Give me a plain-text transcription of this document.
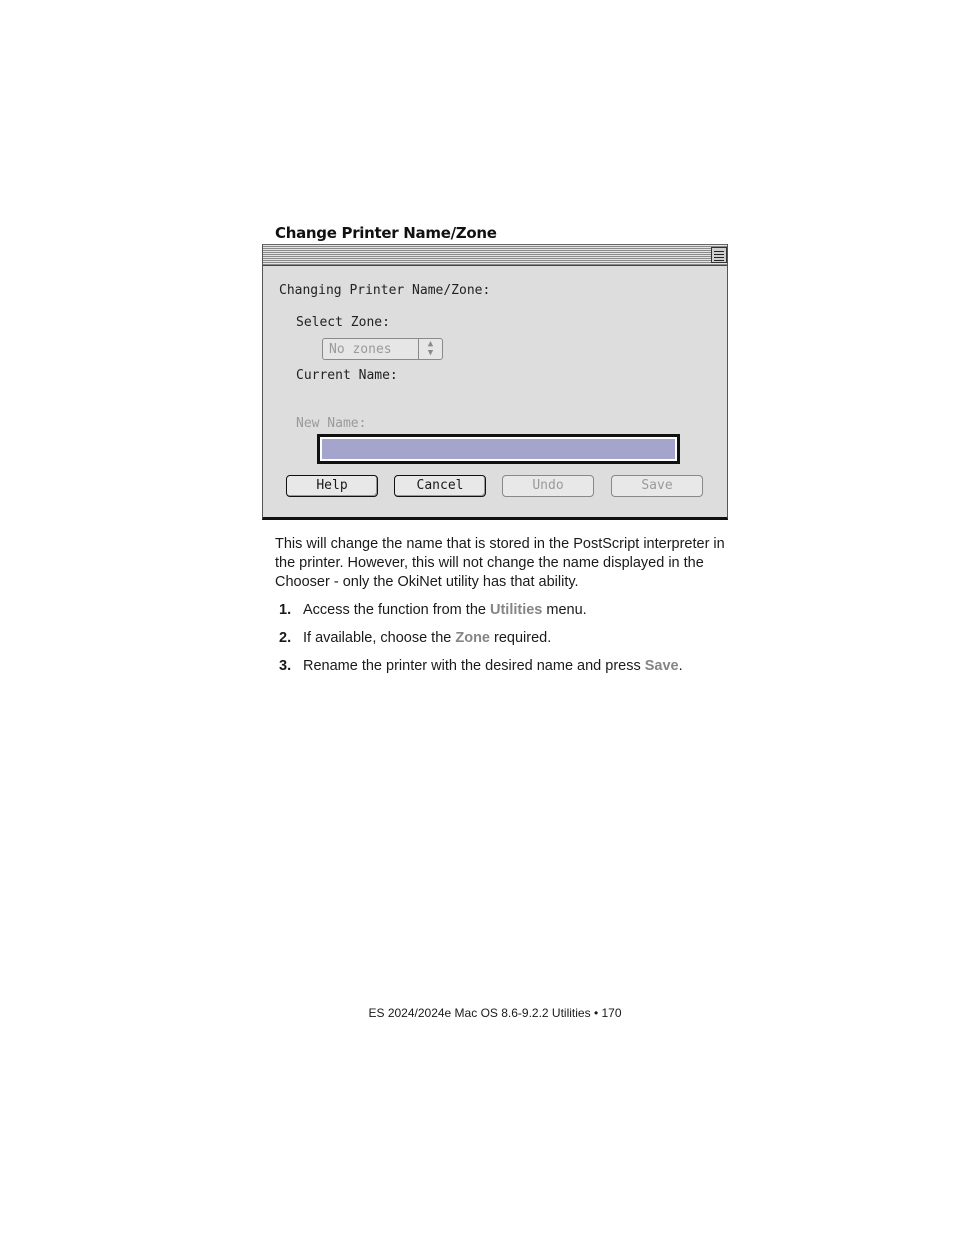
Change Printer Name/Zone
Changing Printer Name/Zone:
Select Zone:
No zones	▲
▼
Current Name:
New Name:
Help	Cancel	Undo	Save
This will change the name that is stored in the PostScript interpreter in the printer. However, this will not change the name displayed in the Chooser - only the OkiNet utility has that ability.
1. Access the function from the Utilities menu.
2. If available, choose the Zone required.
3. Rename the printer with the desired name and press Save.
ES 2024/2024e Mac OS 8.6-9.2.2 Utilities • 170
